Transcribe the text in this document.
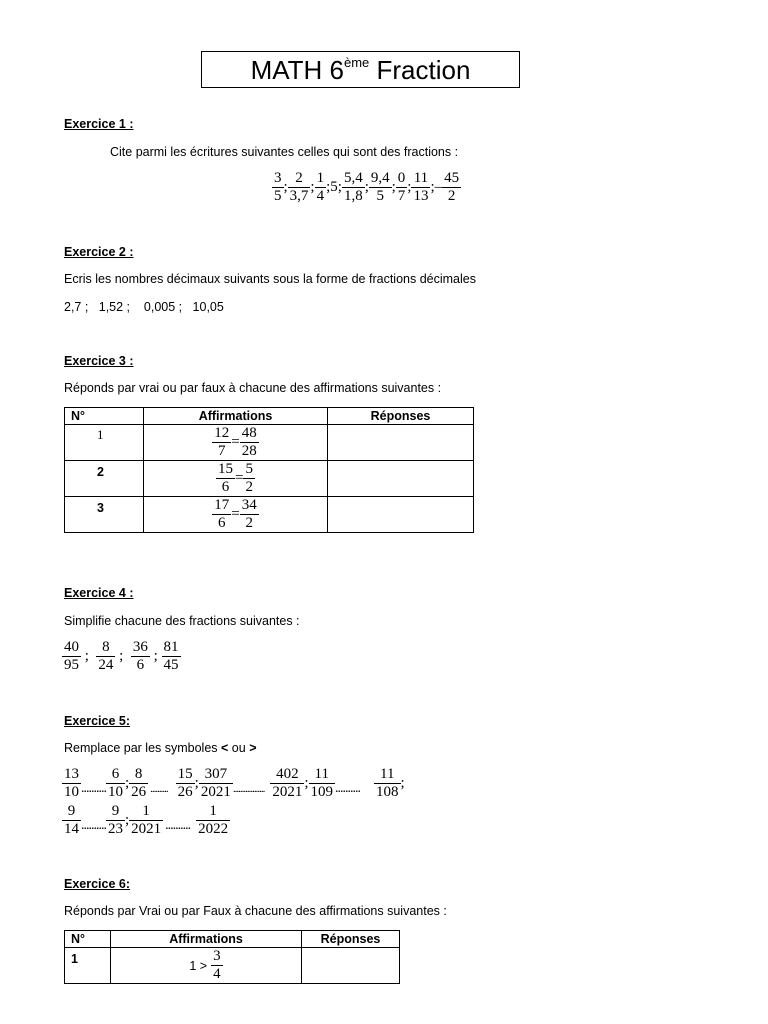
MATH 6ème Fraction
Exercice 1 :
Cite parmi les écritures suivantes celles qui sont des fractions :
$\frac{3}{5}$ ; $\frac{2}{3,7}$ ; $\frac{1}{4}$ ;5; $\frac{5,4}{1,8}$ ; $\frac{9,4}{5}$ ; $\frac{0}{7}$ ; $\frac{11}{13}$ ;– $\frac{45}{2}$
Exercice 2 :
Ecris les nombres décimaux suivants sous la forme de fractions décimales
2,7 ;   1,52 ;    0,005 ;   10,05
Exercice 3 :
Réponds par vrai ou par faux à chacune des affirmations suivantes :
N°	Affirmations	Réponses
1	$\frac{12}{7} = \frac{48}{28}$

2	$\frac{15}{6} = \frac{5}{2}$

3	$\frac{17}{6} = \frac{34}{2}$

Exercice 4 :
Simplifie chacune des fractions suivantes :
$\frac{40}{95}$ ; $\frac{8}{24}$ ; $\frac{36}{6}$ ; $\frac{81}{45}$
Exercice 5:
Remplace par les symboles < ou >
$\frac{13}{10}$ .......... $\frac{6}{10}$ ; $\frac{8}{26}$ .......... $\frac{15}{26}$ ; $\frac{307}{2021}$ .................. $\frac{402}{2021}$ ; $\frac{11}{109}$ .......... $\frac{11}{108}$ ;
$\frac{9}{14}$ .......... $\frac{9}{23}$ ; $\frac{1}{2021}$ .......... $\frac{1}{2022}$
Exercice 6:
Réponds par Vrai ou par Faux à chacune des affirmations suivantes :
N°	Affirmations	Réponses
1	$1 > \frac{3}{4}$
